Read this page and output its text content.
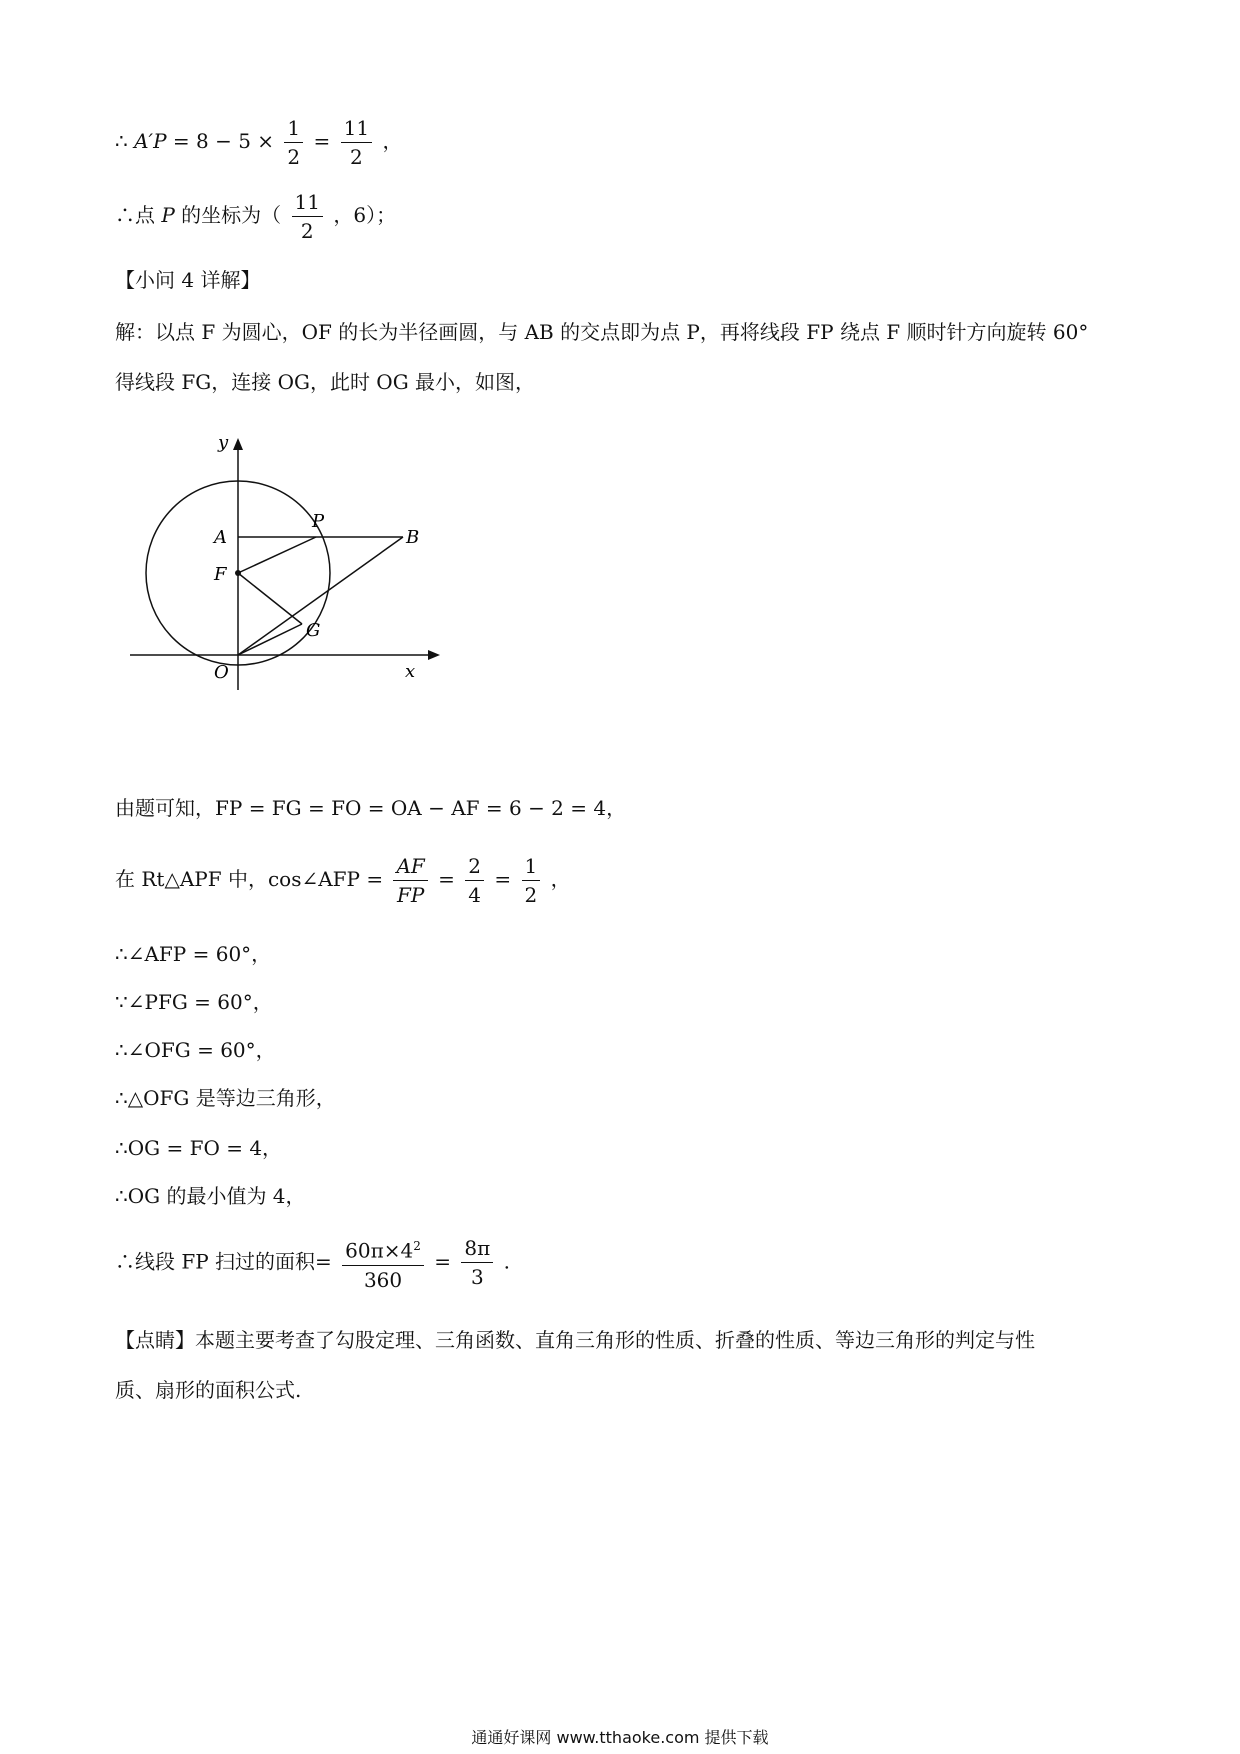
∴ $A'P = 8 - 5 \times \frac{1}{2} = \frac{11}{2}$ ，
∴点 P 的坐标为（ $\frac{11}{2}$ ，6）；
【小问 4 详解】
解：以点 F 为圆心，OF 的长为半径画圆，与 AB 的交点即为点 P，再将线段 FP 绕点 F 顺时针方向旋转 60°
得线段 FG，连接 OG，此时 OG 最小，如图，
y
x
A
P
B
F
G
O
由题可知，FP = FG = FO = OA − AF = 6 − 2 = 4，
在 Rt△APF 中，cos∠AFP = $\frac{AF}{FP} = \frac{2}{4} = \frac{1}{2}$ ，
∴∠AFP = 60°，
∵∠PFG = 60°，
∴∠OFG = 60°，
∴△OFG 是等边三角形，
∴OG = FO = 4，
∴OG 的最小值为 4，
∴线段 FP 扫过的面积= $\frac{60\pi\times 4^2}{360} = \frac{8\pi}{3}$ .
【点睛】本题主要考查了勾股定理、三角函数、直角三角形的性质、折叠的性质、等边三角形的判定与性
质、扇形的面积公式.
通通好课网 www.tthaoke.com 提供下载
